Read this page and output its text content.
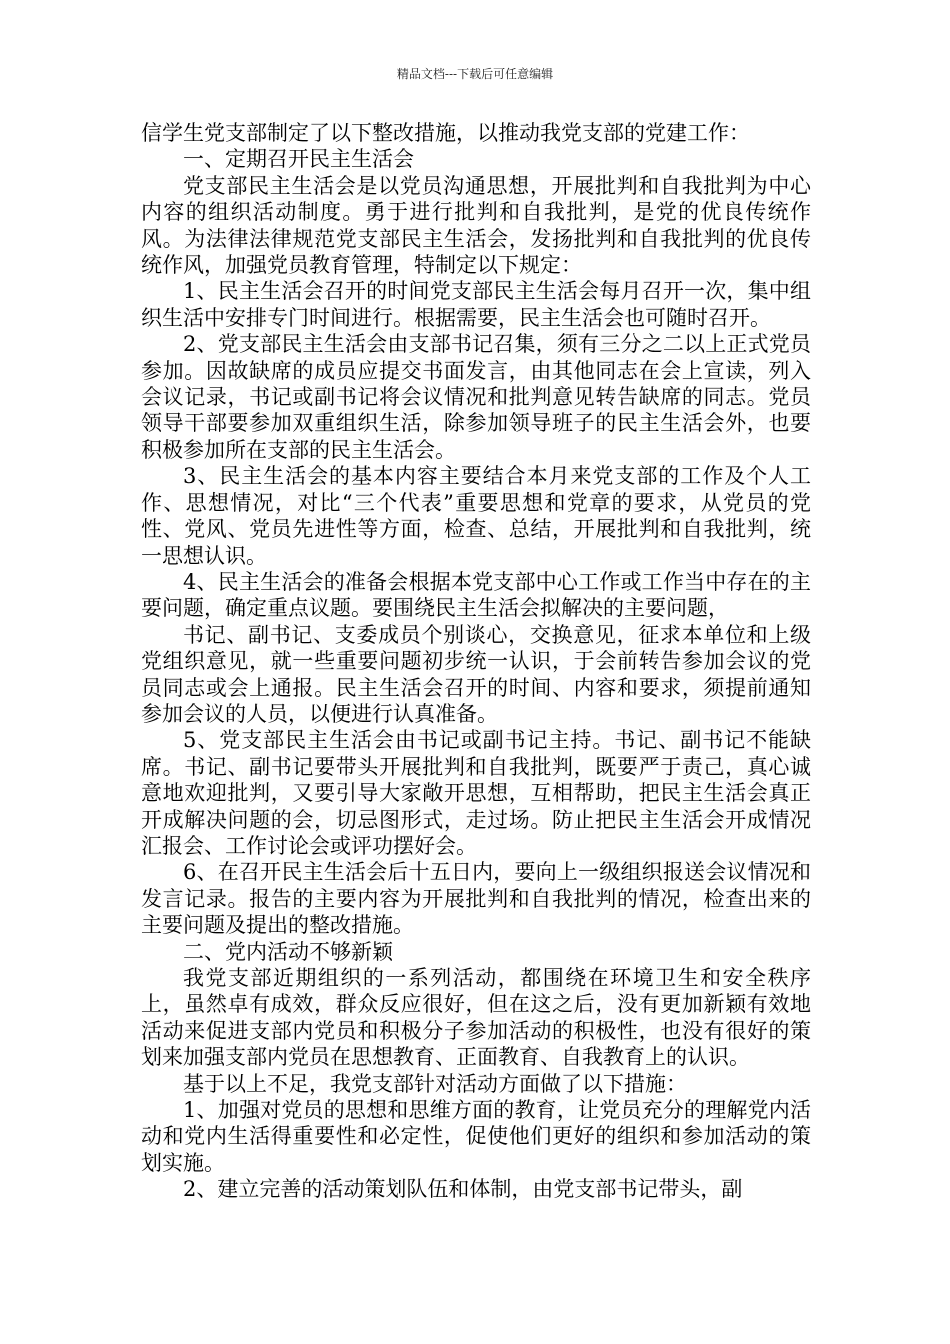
精品文档---下载后可任意编辑

信学生党支部制定了以下整改措施，以推动我党支部的党建工作：

一、定期召开民主生活会

党支部民主生活会是以党员沟通思想，开展批判和自我批判为中心内容的组织活动制度。勇于进行批判和自我批判，是党的优良传统作风。为法律法律规范党支部民主生活会，发扬批判和自我批判的优良传统作风，加强党员教育管理，特制定以下规定：

1、民主生活会召开的时间党支部民主生活会每月召开一次，集中组织生活中安排专门时间进行。根据需要，民主生活会也可随时召开。

2、党支部民主生活会由支部书记召集，须有三分之二以上正式党员参加。因故缺席的成员应提交书面发言，由其他同志在会上宣读，列入会议记录，书记或副书记将会议情况和批判意见转告缺席的同志。党员领导干部要参加双重组织生活，除参加领导班子的民主生活会外，也要积极参加所在支部的民主生活会。

3、民主生活会的基本内容主要结合本月来党支部的工作及个人工作、思想情况，对比“三个代表”重要思想和党章的要求，从党员的党性、党风、党员先进性等方面，检查、总结，开展批判和自我批判，统一思想认识。

4、民主生活会的准备会根据本党支部中心工作或工作当中存在的主要问题，确定重点议题。要围绕民主生活会拟解决的主要问题，

书记、副书记、支委成员个别谈心，交换意见，征求本单位和上级党组织意见，就一些重要问题初步统一认识，于会前转告参加会议的党员同志或会上通报。民主生活会召开的时间、内容和要求，须提前通知参加会议的人员，以便进行认真准备。

5、党支部民主生活会由书记或副书记主持。书记、副书记不能缺席。书记、副书记要带头开展批判和自我批判，既要严于责己，真心诚意地欢迎批判，又要引导大家敞开思想，互相帮助，把民主生活会真正开成解决问题的会，切忌图形式，走过场。防止把民主生活会开成情况汇报会、工作讨论会或评功摆好会。

6、在召开民主生活会后十五日内，要向上一级组织报送会议情况和发言记录。报告的主要内容为开展批判和自我批判的情况，检查出来的主要问题及提出的整改措施。

二、党内活动不够新颖

我党支部近期组织的一系列活动，都围绕在环境卫生和安全秩序上，虽然卓有成效，群众反应很好，但在这之后，没有更加新颖有效地活动来促进支部内党员和积极分子参加活动的积极性，也没有很好的策划来加强支部内党员在思想教育、正面教育、自我教育上的认识。

基于以上不足，我党支部针对活动方面做了以下措施：

1、加强对党员的思想和思维方面的教育，让党员充分的理解党内活动和党内生活得重要性和必定性，促使他们更好的组织和参加活动的策划实施。

2、建立完善的活动策划队伍和体制，由党支部书记带头，副
